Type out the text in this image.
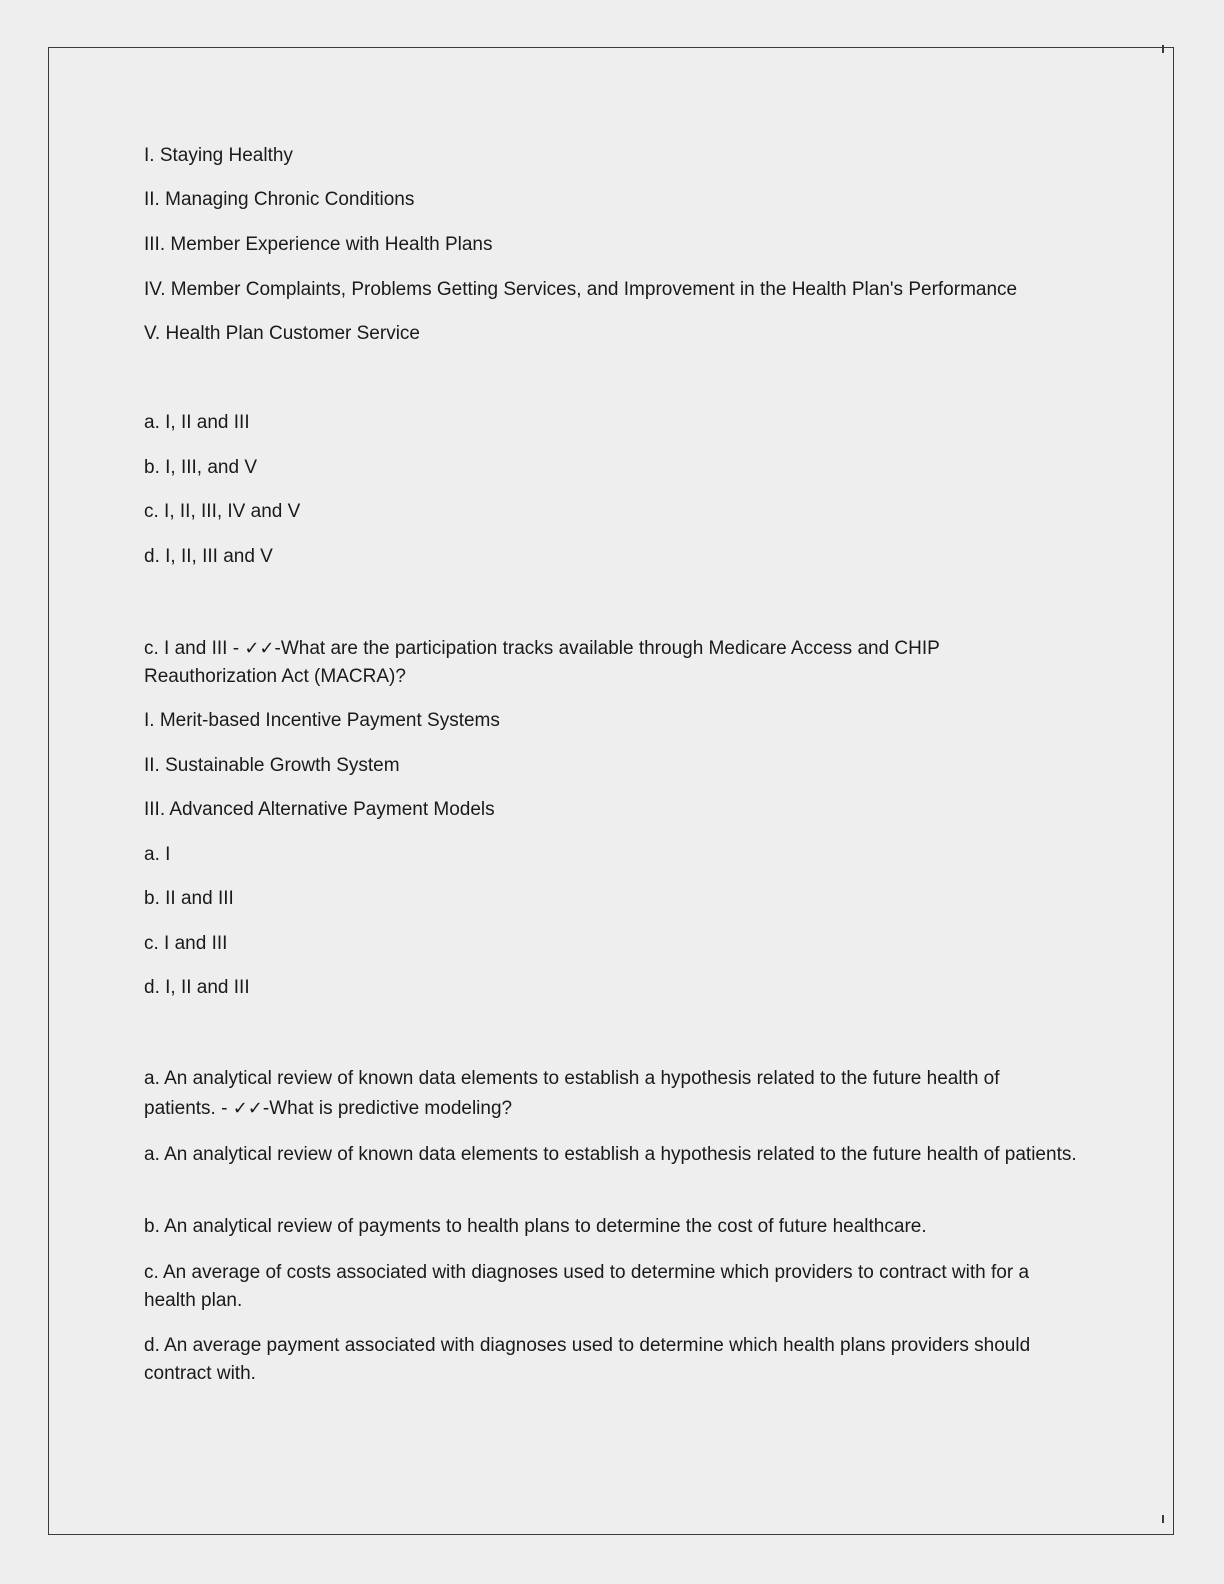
I. Staying Healthy
II. Managing Chronic Conditions
III. Member Experience with Health Plans
IV. Member Complaints, Problems Getting Services, and Improvement in the Health Plan's Performance
V. Health Plan Customer Service
a. I, II and III
b. I, III, and V
c. I, II, III, IV and V
d. I, II, III and V
c. I and III - ✓✓-What are the participation tracks available through Medicare Access and CHIP
Reauthorization Act (MACRA)?
I. Merit-based Incentive Payment Systems
II. Sustainable Growth System
III. Advanced Alternative Payment Models
a. I
b. II and III
c. I and III
d. I, II and III
a. An analytical review of known data elements to establish a hypothesis related to the future health of
patients. - ✓✓-What is predictive modeling?
a. An analytical review of known data elements to establish a hypothesis related to the future health of patients.
b. An analytical review of payments to health plans to determine the cost of future healthcare.
c. An average of costs associated with diagnoses used to determine which providers to contract with for a health plan.
d. An average payment associated with diagnoses used to determine which health plans providers should contract with.
